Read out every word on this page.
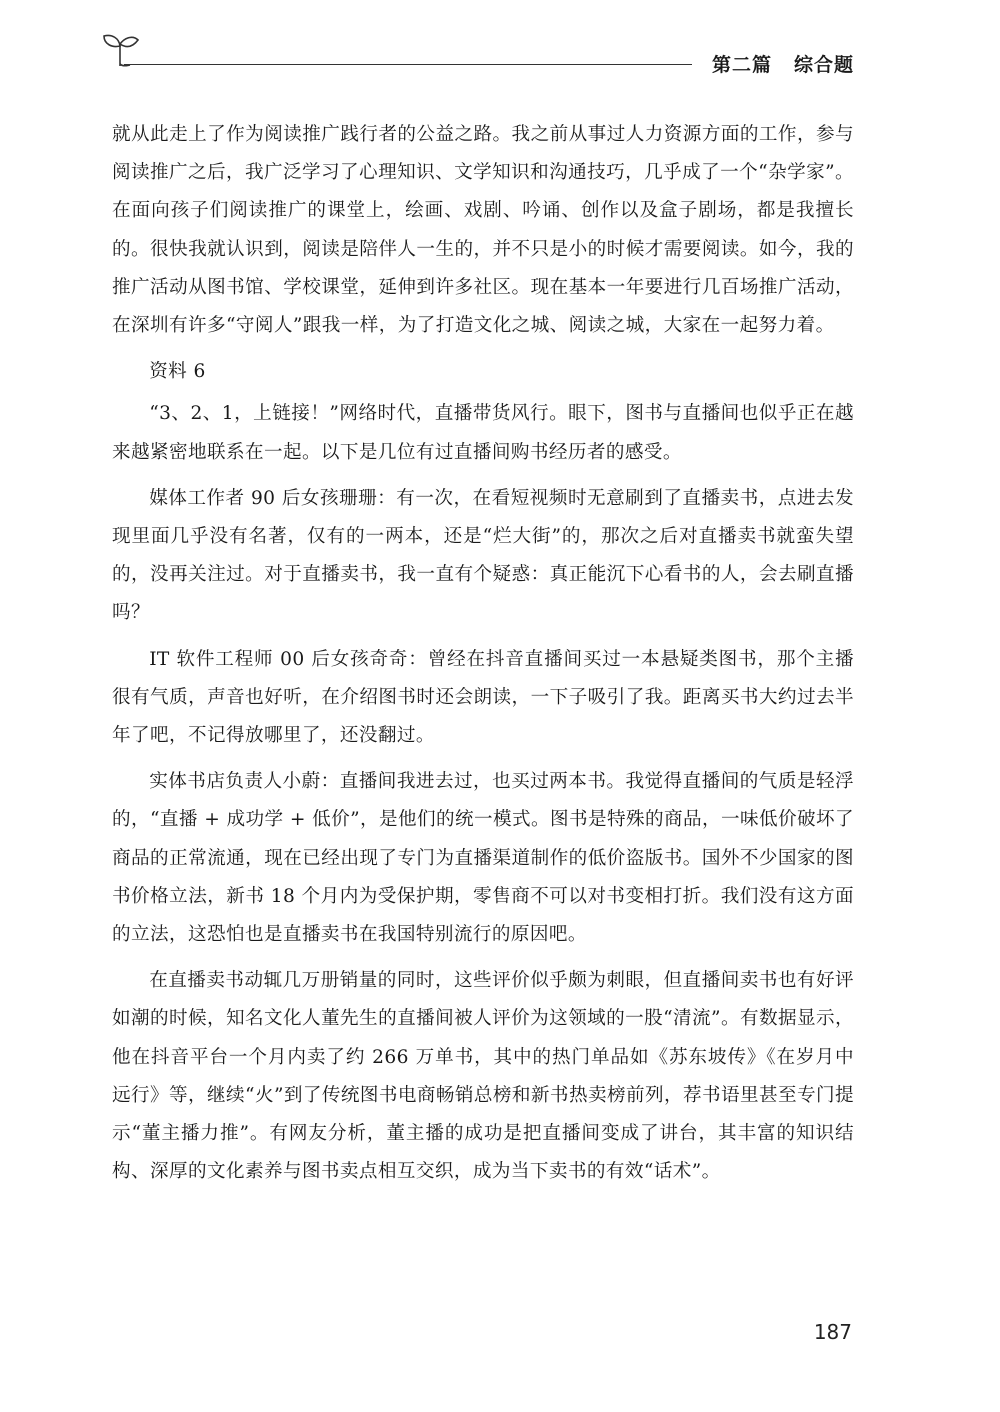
第二篇 综合题

就从此走上了作为阅读推广践行者的公益之路。我之前从事过人力资源方面的工作，参与阅读推广之后，我广泛学习了心理知识、文学知识和沟通技巧，几乎成了一个“杂学家”。在面向孩子们阅读推广的课堂上，绘画、戏剧、吟诵、创作以及盒子剧场，都是我擅长的。很快我就认识到，阅读是陪伴人一生的，并不只是小的时候才需要阅读。如今，我的推广活动从图书馆、学校课堂，延伸到许多社区。现在基本一年要进行几百场推广活动，在深圳有许多“守阅人”跟我一样，为了打造文化之城、阅读之城，大家在一起努力着。

资料 6

“3、2、1，上链接！”网络时代，直播带货风行。眼下，图书与直播间也似乎正在越来越紧密地联系在一起。以下是几位有过直播间购书经历者的感受。

媒体工作者 90 后女孩珊珊：有一次，在看短视频时无意刷到了直播卖书，点进去发现里面几乎没有名著，仅有的一两本，还是“烂大街”的，那次之后对直播卖书就蛮失望的，没再关注过。对于直播卖书，我一直有个疑惑：真正能沉下心看书的人，会去刷直播吗？

IT 软件工程师 00 后女孩奇奇：曾经在抖音直播间买过一本悬疑类图书，那个主播很有气质，声音也好听，在介绍图书时还会朗读，一下子吸引了我。距离买书大约过去半年了吧，不记得放哪里了，还没翻过。

实体书店负责人小蔚：直播间我进去过，也买过两本书。我觉得直播间的气质是轻浮的，“直播 + 成功学 + 低价”，是他们的统一模式。图书是特殊的商品，一味低价破坏了商品的正常流通，现在已经出现了专门为直播渠道制作的低价盗版书。国外不少国家的图书价格立法，新书 18 个月内为受保护期，零售商不可以对书变相打折。我们没有这方面的立法，这恐怕也是直播卖书在我国特别流行的原因吧。

在直播卖书动辄几万册销量的同时，这些评价似乎颇为刺眼，但直播间卖书也有好评如潮的时候，知名文化人董先生的直播间被人评价为这领域的一股“清流”。有数据显示，他在抖音平台一个月内卖了约 266 万单书，其中的热门单品如《苏东坡传》《在岁月中远行》等，继续“火”到了传统图书电商畅销总榜和新书热卖榜前列，荐书语里甚至专门提示“董主播力推”。有网友分析，董主播的成功是把直播间变成了讲台，其丰富的知识结构、深厚的文化素养与图书卖点相互交织，成为当下卖书的有效“话术”。

187
